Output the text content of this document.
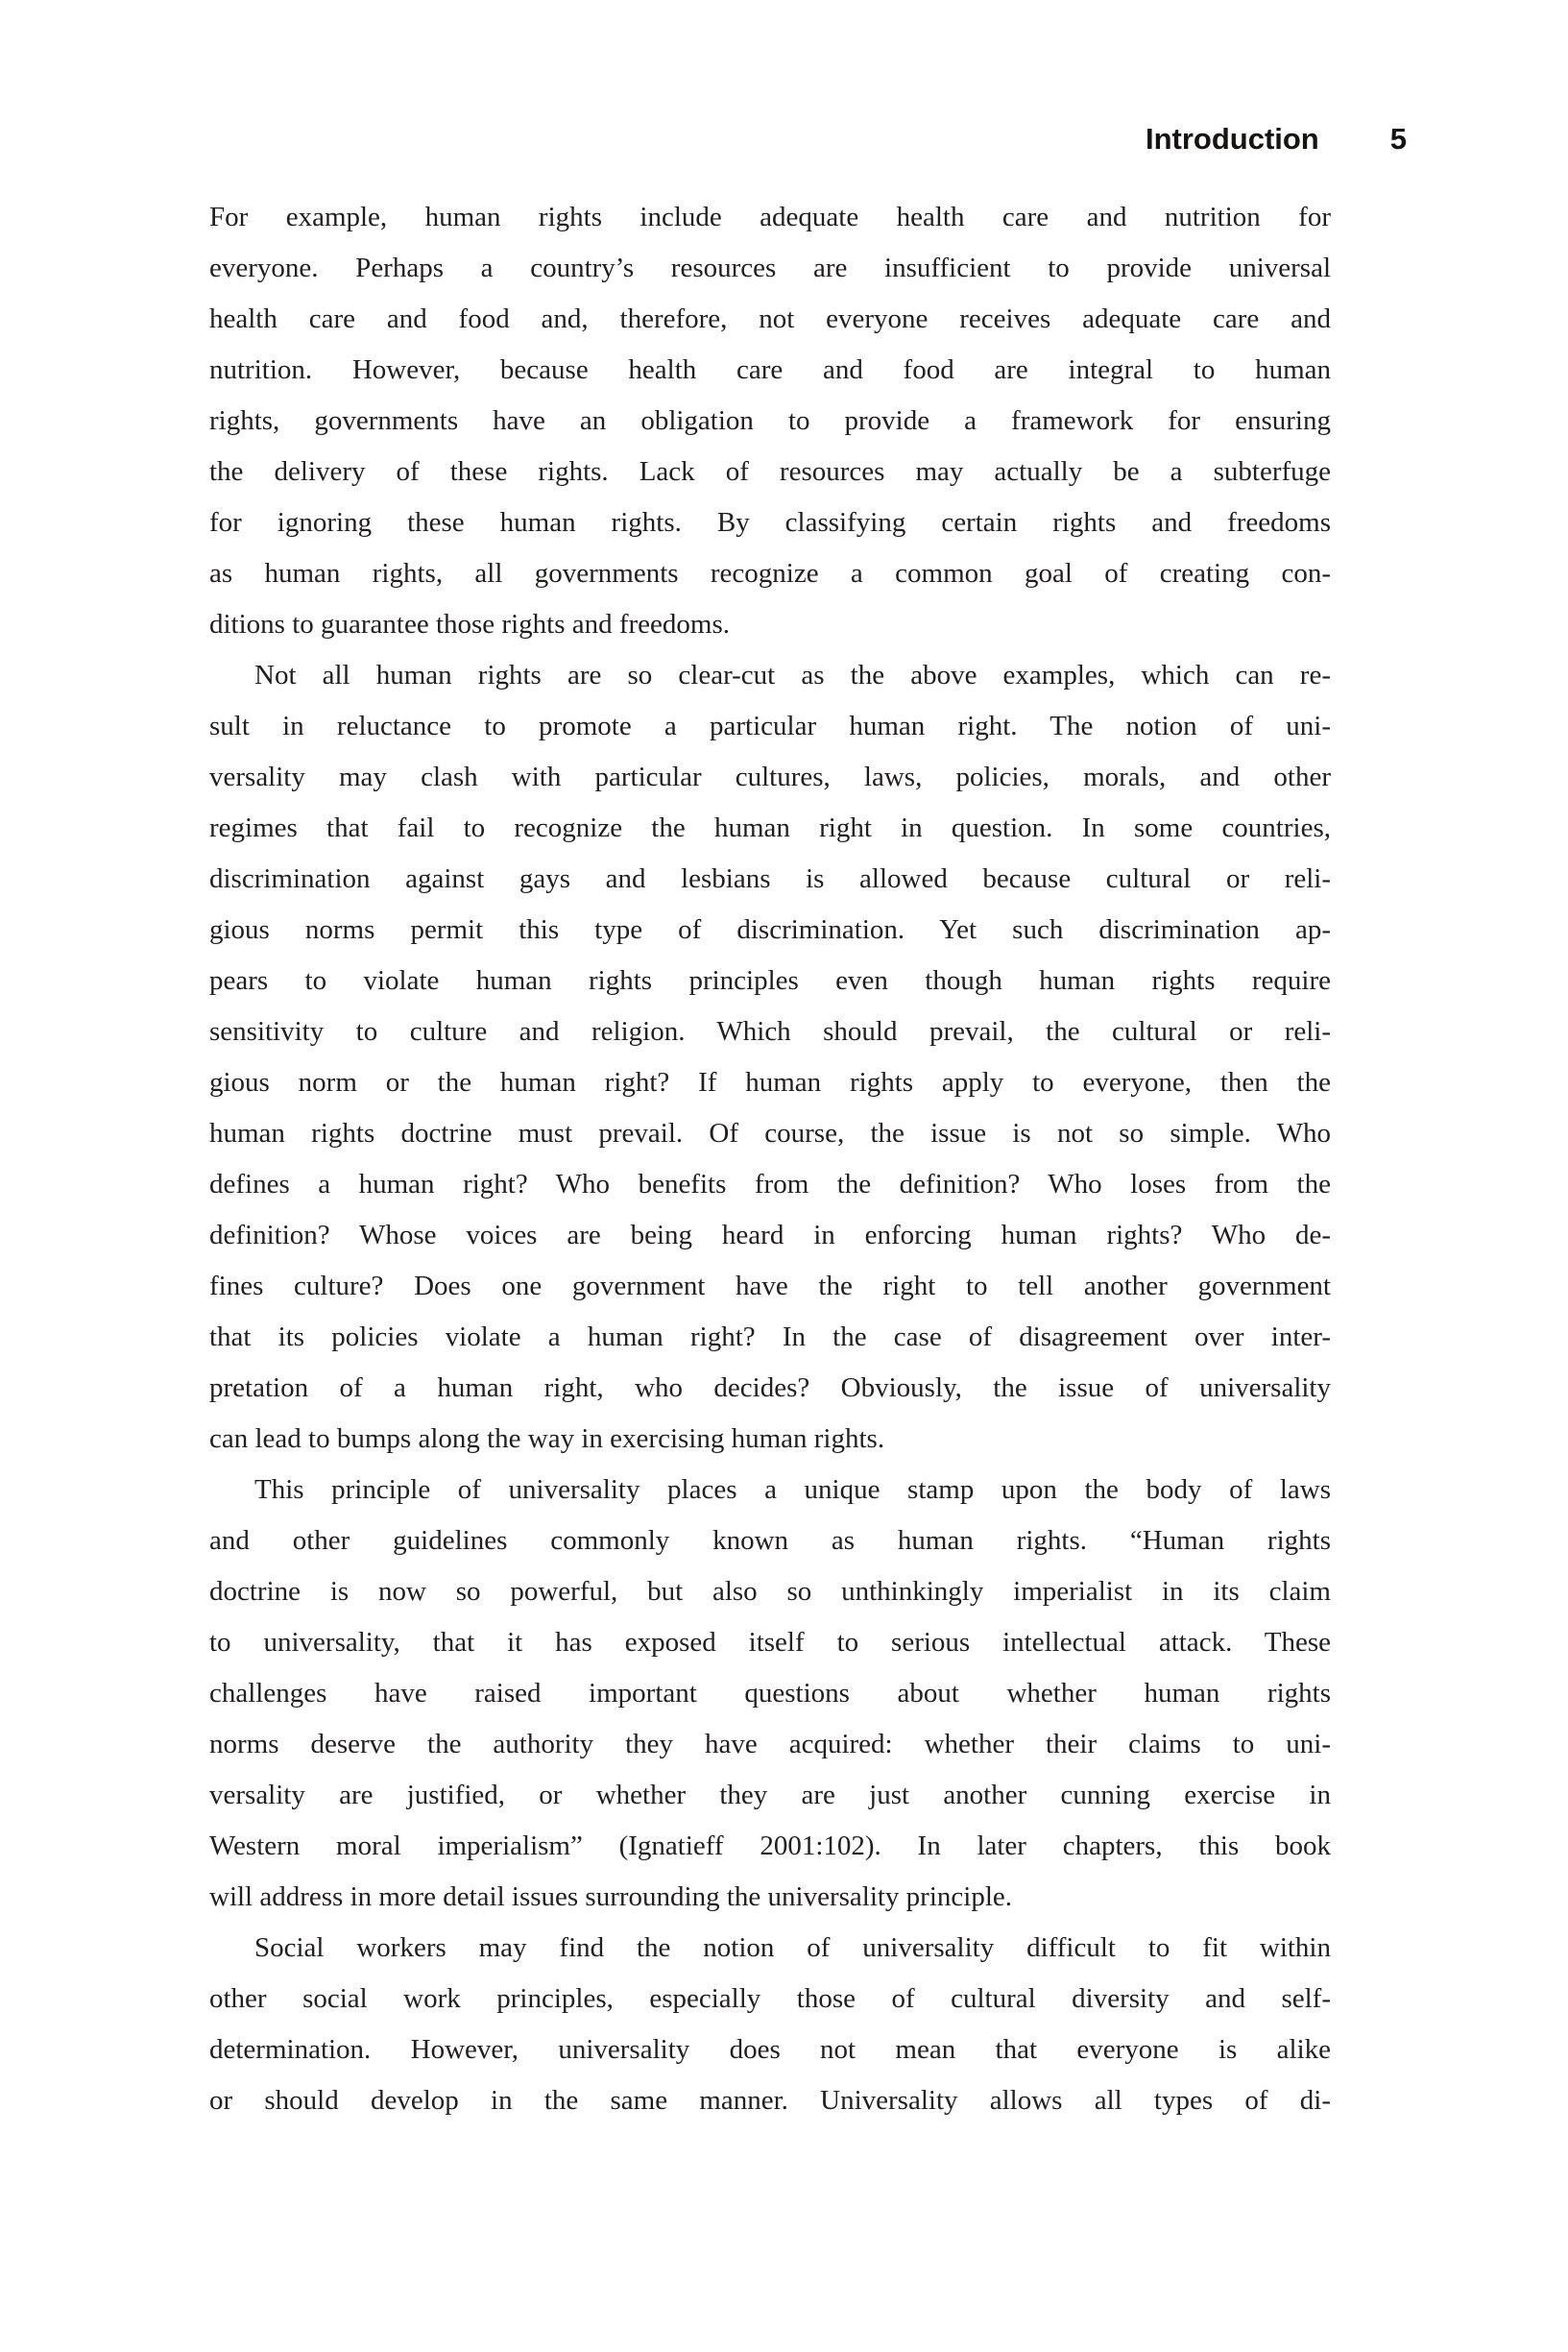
Introduction 5
For example, human rights include adequate health care and nutrition for
everyone. Perhaps a country’s resources are insufficient to provide universal
health care and food and, therefore, not everyone receives adequate care and
nutrition. However, because health care and food are integral to human
rights, governments have an obligation to provide a framework for ensuring
the delivery of these rights. Lack of resources may actually be a subterfuge
for ignoring these human rights. By classifying certain rights and freedoms
as human rights, all governments recognize a common goal of creating con-
ditions to guarantee those rights and freedoms.
Not all human rights are so clear-cut as the above examples, which can re-
sult in reluctance to promote a particular human right. The notion of uni-
versality may clash with particular cultures, laws, policies, morals, and other
regimes that fail to recognize the human right in question. In some countries,
discrimination against gays and lesbians is allowed because cultural or reli-
gious norms permit this type of discrimination. Yet such discrimination ap-
pears to violate human rights principles even though human rights require
sensitivity to culture and religion. Which should prevail, the cultural or reli-
gious norm or the human right? If human rights apply to everyone, then the
human rights doctrine must prevail. Of course, the issue is not so simple. Who
defines a human right? Who benefits from the definition? Who loses from the
definition? Whose voices are being heard in enforcing human rights? Who de-
fines culture? Does one government have the right to tell another government
that its policies violate a human right? In the case of disagreement over inter-
pretation of a human right, who decides? Obviously, the issue of universality
can lead to bumps along the way in exercising human rights.
This principle of universality places a unique stamp upon the body of laws
and other guidelines commonly known as human rights. “Human rights
doctrine is now so powerful, but also so unthinkingly imperialist in its claim
to universality, that it has exposed itself to serious intellectual attack. These
challenges have raised important questions about whether human rights
norms deserve the authority they have acquired: whether their claims to uni-
versality are justified, or whether they are just another cunning exercise in
Western moral imperialism” (Ignatieff 2001:102). In later chapters, this book
will address in more detail issues surrounding the universality principle.
Social workers may find the notion of universality difficult to fit within
other social work principles, especially those of cultural diversity and self-
determination. However, universality does not mean that everyone is alike
or should develop in the same manner. Universality allows all types of di-
